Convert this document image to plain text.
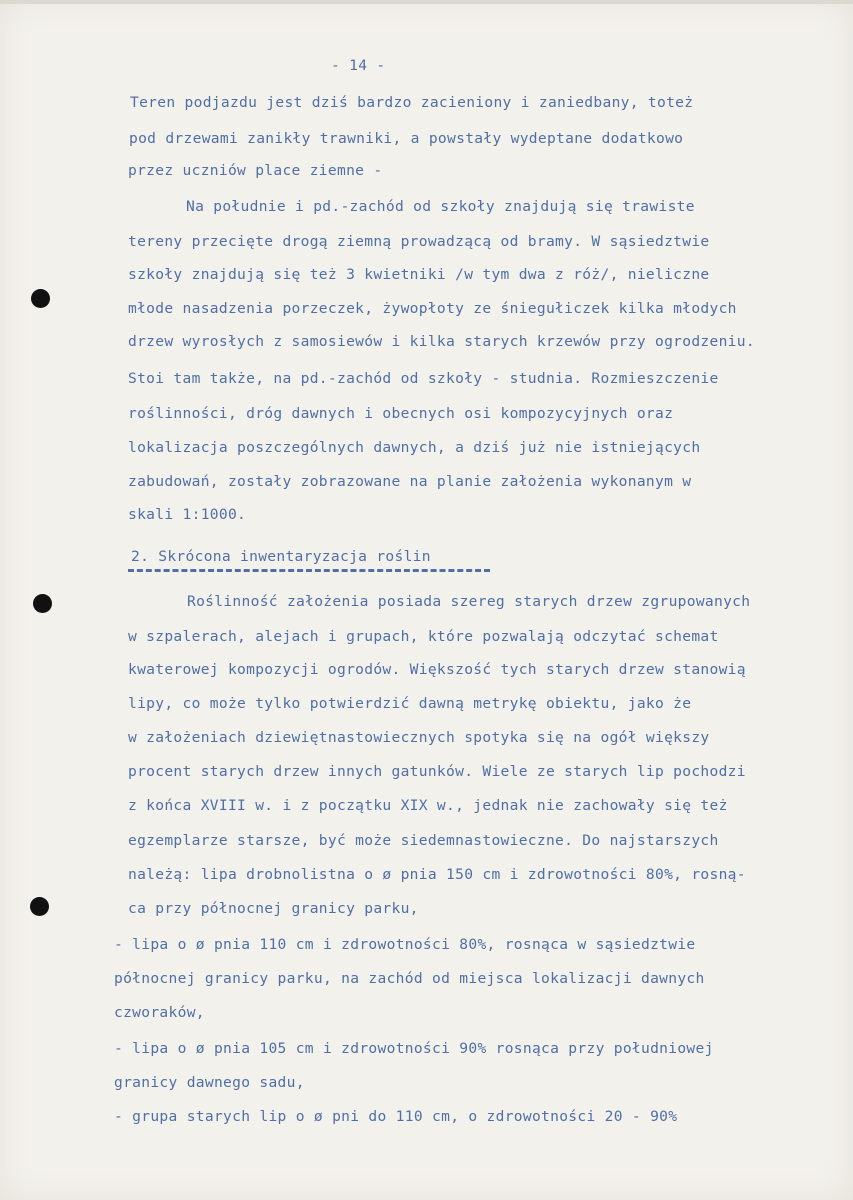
- 14 -
Teren podjazdu jest dziś bardzo zacieniony i zaniedbany, toteż
pod drzewami zanikły trawniki, a powstały wydeptane dodatkowo
przez uczniów place ziemne -
Na południe i pd.-zachód od szkoły znajdują się trawiste
tereny przecięte drogą ziemną prowadzącą od bramy. W sąsiedztwie
szkoły znajdują się też 3 kwietniki /w tym dwa z róż/, nieliczne
młode nasadzenia porzeczek, żywopłoty ze śniegułiczek kilka młodych
drzew wyrosłych z samosiewów i kilka starych krzewów przy ogrodzeniu.
Stoi tam także, na pd.-zachód od szkoły - studnia. Rozmieszczenie
roślinności, dróg dawnych i obecnych osi kompozycyjnych oraz
lokalizacja poszczególnych dawnych, a dziś już nie istniejących
zabudowań, zostały zobrazowane na planie założenia wykonanym w
skali 1:1000.
2. Skrócona inwentaryzacja roślin
Roślinność założenia posiada szereg starych drzew zgrupowanych
w szpalerach, alejach i grupach, które pozwalają odczytać schemat
kwaterowej kompozycji ogrodów. Większość tych starych drzew stanowią
lipy, co może tylko potwierdzić dawną metrykę obiektu, jako że
w założeniach dziewiętnastowiecznych spotyka się na ogół większy
procent starych drzew innych gatunków. Wiele ze starych lip pochodzi
z końca XVIII w. i z początku XIX w., jednak nie zachowały się też
egzemplarze starsze, być może siedemnastowieczne. Do najstarszych
należą: lipa drobnolistna o ø pnia 150 cm i zdrowotności 80%, rosną-
ca przy północnej granicy parku,
- lipa o ø pnia 110 cm i zdrowotności 80%, rosnąca w sąsiedztwie
północnej granicy parku, na zachód od miejsca lokalizacji dawnych
czworaków,
- lipa o ø pnia 105 cm i zdrowotności 90% rosnąca przy południowej
granicy dawnego sadu,
- grupa starych lip o ø pni do 110 cm, o zdrowotności 20 - 90%
